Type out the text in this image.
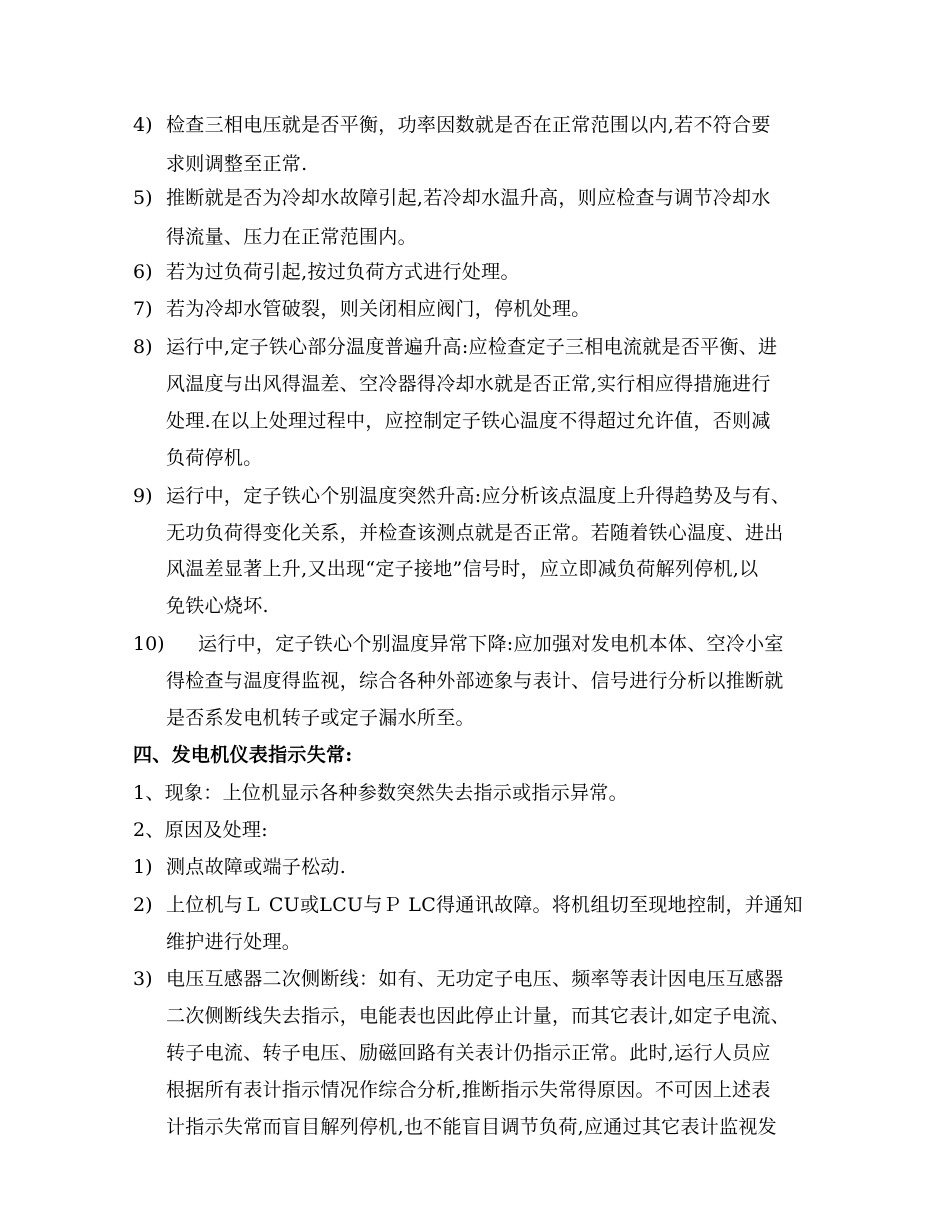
4) 检查三相电压就是否平衡，功率因数就是否在正常范围以内,若不符合要
求则调整至正常.
5) 推断就是否为冷却水故障引起,若冷却水温升高，则应检查与调节冷却水
得流量、压力在正常范围内。
6) 若为过负荷引起,按过负荷方式进行处理。
7) 若为冷却水管破裂，则关闭相应阀门，停机处理。
8) 运行中,定子铁心部分温度普遍升高:应检查定子三相电流就是否平衡、进
风温度与出风得温差、空冷器得冷却水就是否正常,实行相应得措施进行
处理.在以上处理过程中，应控制定子铁心温度不得超过允许值，否则减
负荷停机。
9) 运行中，定子铁心个别温度突然升高:应分析该点温度上升得趋势及与有、
无功负荷得变化关系，并检查该测点就是否正常。若随着铁心温度、进出
风温差显著上升,又出现“定子接地”信号时，应立即减负荷解列停机,以
免铁心烧坏.
10) 运行中，定子铁心个别温度异常下降:应加强对发电机本体、空冷小室
得检查与温度得监视，综合各种外部迹象与表计、信号进行分析以推断就
是否系发电机转子或定子漏水所至。
四、发电机仪表指示失常:
1、现象：上位机显示各种参数突然失去指示或指示异常。
2、原因及处理:
1) 测点故障或端子松动.
2) 上位机与Ｌ CU或LCU与Ｐ LC得通讯故障。将机组切至现地控制，并通知
维护进行处理。
3) 电压互感器二次侧断线：如有、无功定子电压、频率等表计因电压互感器
二次侧断线失去指示，电能表也因此停止计量，而其它表计,如定子电流、
转子电流、转子电压、励磁回路有关表计仍指示正常。此时,运行人员应
根据所有表计指示情况作综合分析,推断指示失常得原因。不可因上述表
计指示失常而盲目解列停机,也不能盲目调节负荷,应通过其它表计监视发
